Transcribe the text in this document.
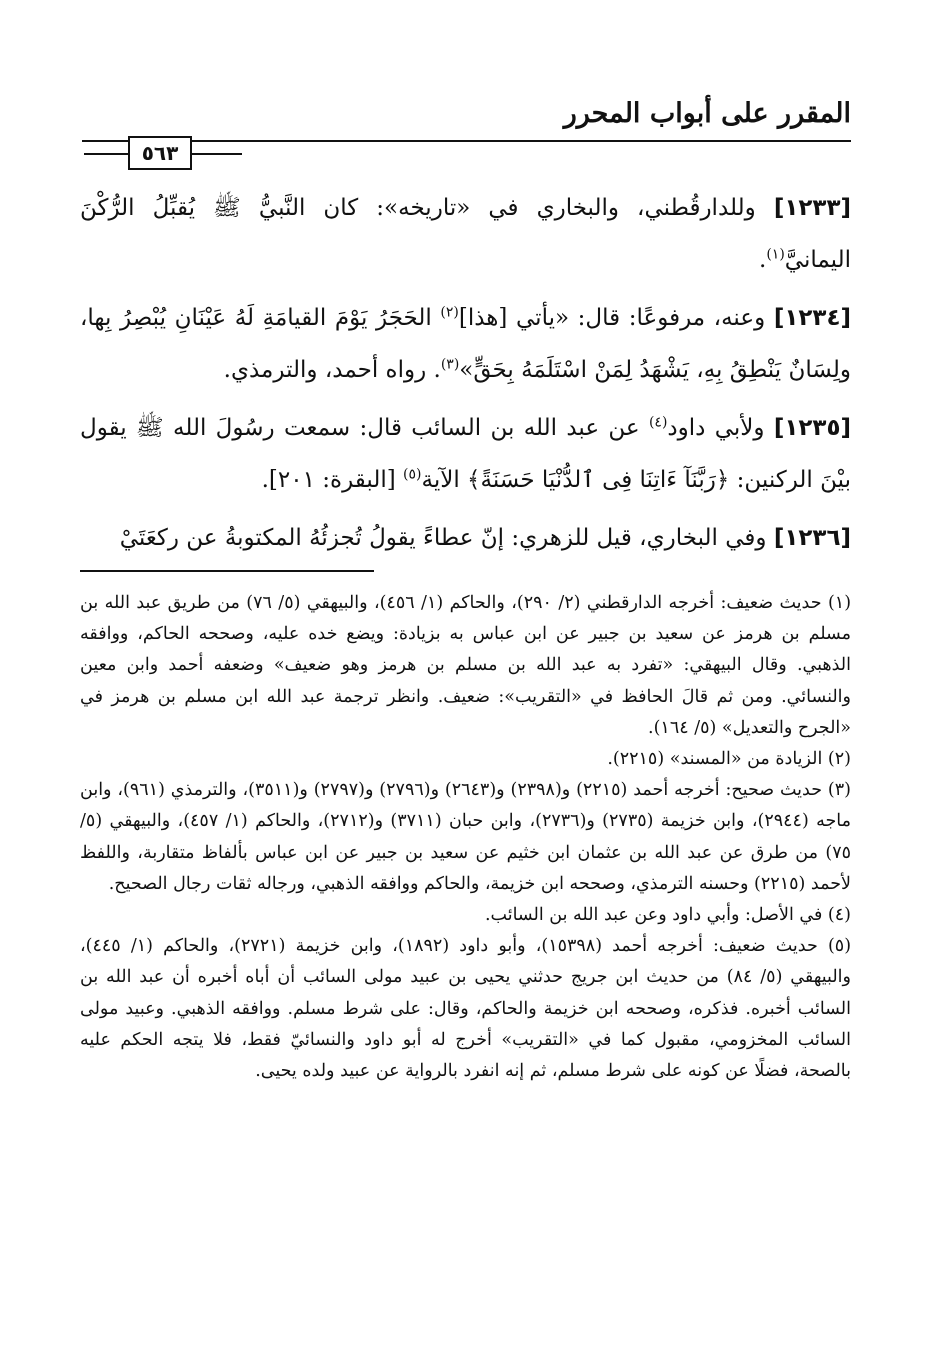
المقرر على أبواب المحرر
٥٦٣

[١٢٣٣] وللدارقُطني، والبخاري في «تاريخه»: كان النَّبيُّ ﷺ يُقبِّلُ الرُّكْنَ اليمانيَّ$^{(١)}$.

[١٢٣٤] وعنه، مرفوعًا: قال: «يأتي [هذا]$^{(٢)}$ الحَجَرُ يَوْمَ القيامَةِ لَهُ عَيْنَانِ يُبْصِرُ بِها، ولِسَانٌ يَنْطِقُ بِهِ، يَشْهَدُ لِمَنْ اسْتَلَمَهُ بِحَقٍّ»$^{(٣)}$. رواه أحمد، والترمذي.

[١٢٣٥] ولأبي داود$^{(٤)}$ عن عبد الله بن السائب قال: سمعت رسُولَ الله ﷺ يقول بيْنَ الركنين: ﴿رَبَّنَآ ءَاتِنَا فِى ٱلدُّنْيَا حَسَنَةً﴾ الآية$^{(٥)}$ [البقرة: ٢٠١].

[١٢٣٦] وفي البخاري، قيل للزهري: إنّ عطاءً يقولُ تُجزئُهُ المكتوبةُ عن ركعَتَيْ

(١) حديث ضعيف: أخرجه الدارقطني (٢/ ٢٩٠)، والحاكم (١/ ٤٥٦)، والبيهقي (٥/ ٧٦) من طريق عبد الله بن مسلم بن هرمز عن سعيد بن جبير عن ابن عباس به بزيادة: ويضع خده عليه، وصححه الحاكم، ووافقه الذهبي. وقال البيهقي: «تفرد به عبد الله بن مسلم بن هرمز وهو ضعيف» وضعفه أحمد وابن معين والنسائي. ومن ثم قالَ الحافظ في «التقريب»: ضعيف. وانظر ترجمة عبد الله ابن مسلم بن هرمز في «الجرح والتعديل» (٥/ ١٦٤).

(٢) الزيادة من «المسند» (٢٢١٥).

(٣) حديث صحيح: أخرجه أحمد (٢٢١٥) و(٢٣٩٨) و(٢٦٤٣) و(٢٧٩٦) و(٢٧٩٧) و(٣٥١١)، والترمذي (٩٦١)، وابن ماجه (٢٩٤٤)، وابن خزيمة (٢٧٣٥) و(٢٧٣٦)، وابن حبان (٣٧١١) و(٢٧١٢)، والحاكم (١/ ٤٥٧)، والبيهقي (٥/ ٧٥) من طرق عن عبد الله بن عثمان ابن خثيم عن سعيد بن جبير عن ابن عباس بألفاظ متقاربة، واللفظ لأحمد (٢٢١٥) وحسنه الترمذي، وصححه ابن خزيمة، والحاكم ووافقه الذهبي، ورجاله ثقات رجال الصحيح.

(٤) في الأصل: وأبي داود وعن عبد الله بن السائب.

(٥) حديث ضعيف: أخرجه أحمد (١٥٣٩٨)، وأبو داود (١٨٩٢)، وابن خزيمة (٢٧٢١)، والحاكم (١/ ٤٤٥)، والبيهقي (٥/ ٨٤) من حديث ابن جريج حدثني يحيى بن عبيد مولى السائب أن أباه أخبره أن عبد الله بن السائب أخبره. فذكره، وصححه ابن خزيمة والحاكم، وقال: على شرط مسلم. ووافقه الذهبي. وعبيد مولى السائب المخزومي، مقبول كما في «التقريب» أخرج له أبو داود والنسائيّ فقط، فلا يتجه الحكم عليه بالصحة، فضلًا عن كونه على شرط مسلم، ثم إنه انفرد بالرواية عن عبيد ولده يحيى.
